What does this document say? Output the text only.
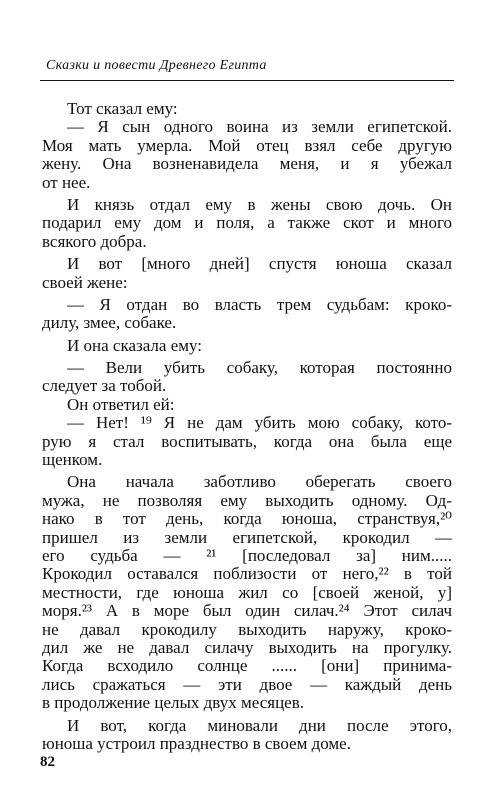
Сказки и повести Древнего Египта
Тот сказал ему:
— Я сын одного воина из земли египетской.
Моя мать умерла. Мой отец взял себе другую
жену. Она возненавидела меня, и я убежал
от нее.
И князь отдал ему в жены свою дочь. Он
подарил ему дом и поля, а также скот и много
всякого добра.
И вот [много дней] спустя юноша сказал
своей жене:
— Я отдан во власть трем судьбам: кроко-
дилу, змее, собаке.
И она сказала ему:
— Вели убить собаку, которая постоянно
следует за тобой.
Он ответил ей:
— Нет! ¹⁹ Я не дам убить мою собаку, кото-
рую я стал воспитывать, когда она была еще
щенком.
Она начала заботливо оберегать своего
мужа, не позволяя ему выходить одному. Од-
нако в тот день, когда юноша, странствуя,²⁰
пришел из земли египетской, крокодил —
его судьба — ²¹ [последовал за] ним.....
Крокодил оставался поблизости от него,²² в той
местности, где юноша жил со [своей женой, у]
моря.²³ А в море был один силач.²⁴ Этот силач
не давал крокодилу выходить наружу, кроко-
дил же не давал силачу выходить на прогулку.
Когда всходило солнце ...... [они] принима-
лись сражаться — эти двое — каждый день
в продолжение целых двух месяцев.
И вот, когда миновали дни после этого,
юноша устроил празднество в своем доме.
82
